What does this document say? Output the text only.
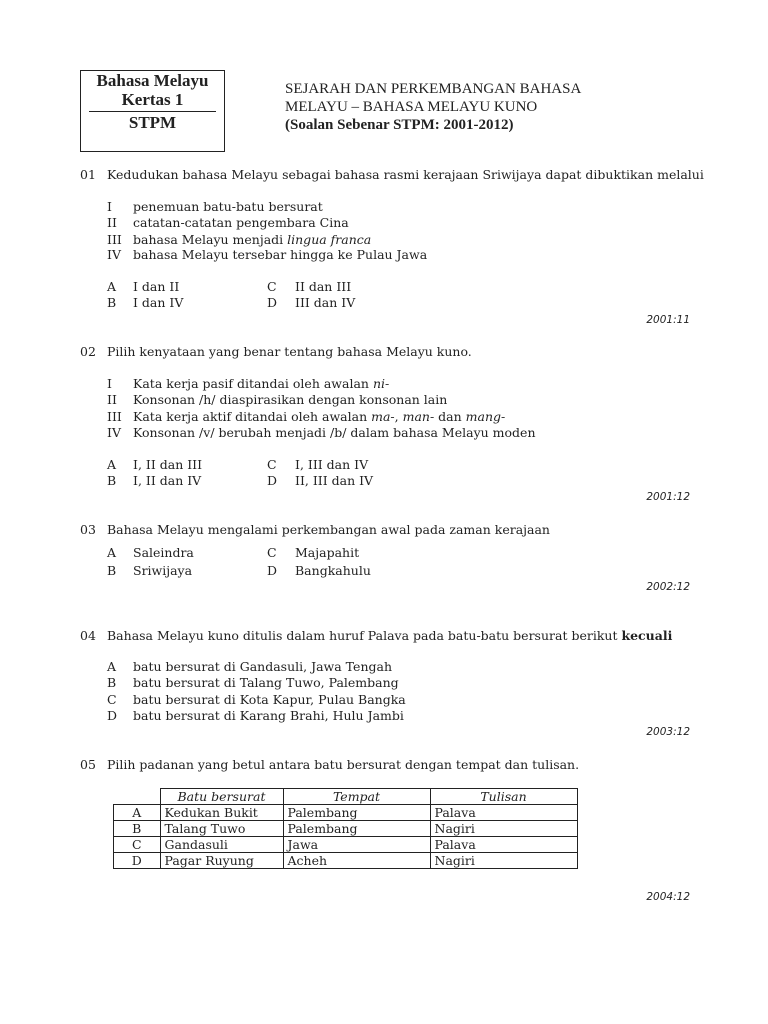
Bahasa Melayu
Kertas 1
STPM
SEJARAH DAN PERKEMBANGAN BAHASA
MELAYU – BAHASA MELAYU KUNO
(Soalan Sebenar STPM: 2001-2012)
01 Kedudukan bahasa Melayu sebagai bahasa rasmi kerajaan Sriwijaya dapat dibuktikan melalui
I penemuan batu-batu bersurat
II catatan-catatan pengembara Cina
III bahasa Melayu menjadi lingua franca
IV bahasa Melayu tersebar hingga ke Pulau Jawa
A I dan II
B I dan IV
C II dan III
D III dan IV
2001:11
02 Pilih kenyataan yang benar tentang bahasa Melayu kuno.
I Kata kerja pasif ditandai oleh awalan ni-
II Konsonan /h/ diaspirasikan dengan konsonan lain
III Kata kerja aktif ditandai oleh awalan ma-, man- dan mang-
IV Konsonan /v/ berubah menjadi /b/ dalam bahasa Melayu moden
A I, II dan III
B I, II dan IV
C I, III dan IV
D II, III dan IV
2001:12
03 Bahasa Melayu mengalami perkembangan awal pada zaman kerajaan
A Saleindra
B Sriwijaya
C Majapahit
D Bangkahulu
2002:12
04 Bahasa Melayu kuno ditulis dalam huruf Palava pada batu-batu bersurat berikut kecuali
A batu bersurat di Gandasuli, Jawa Tengah
B batu bersurat di Talang Tuwo, Palembang
C batu bersurat di Kota Kapur, Pulau Bangka
D batu bersurat di Karang Brahi, Hulu Jambi
2003:12
05 Pilih padanan yang betul antara batu bersurat dengan tempat dan tulisan.
	Batu bersurat	Tempat	Tulisan
A	Kedukan Bukit	Palembang	Palava
B	Talang Tuwo	Palembang	Nagiri
C	Gandasuli	Jawa	Palava
D	Pagar Ruyung	Acheh	Nagiri
2004:12
